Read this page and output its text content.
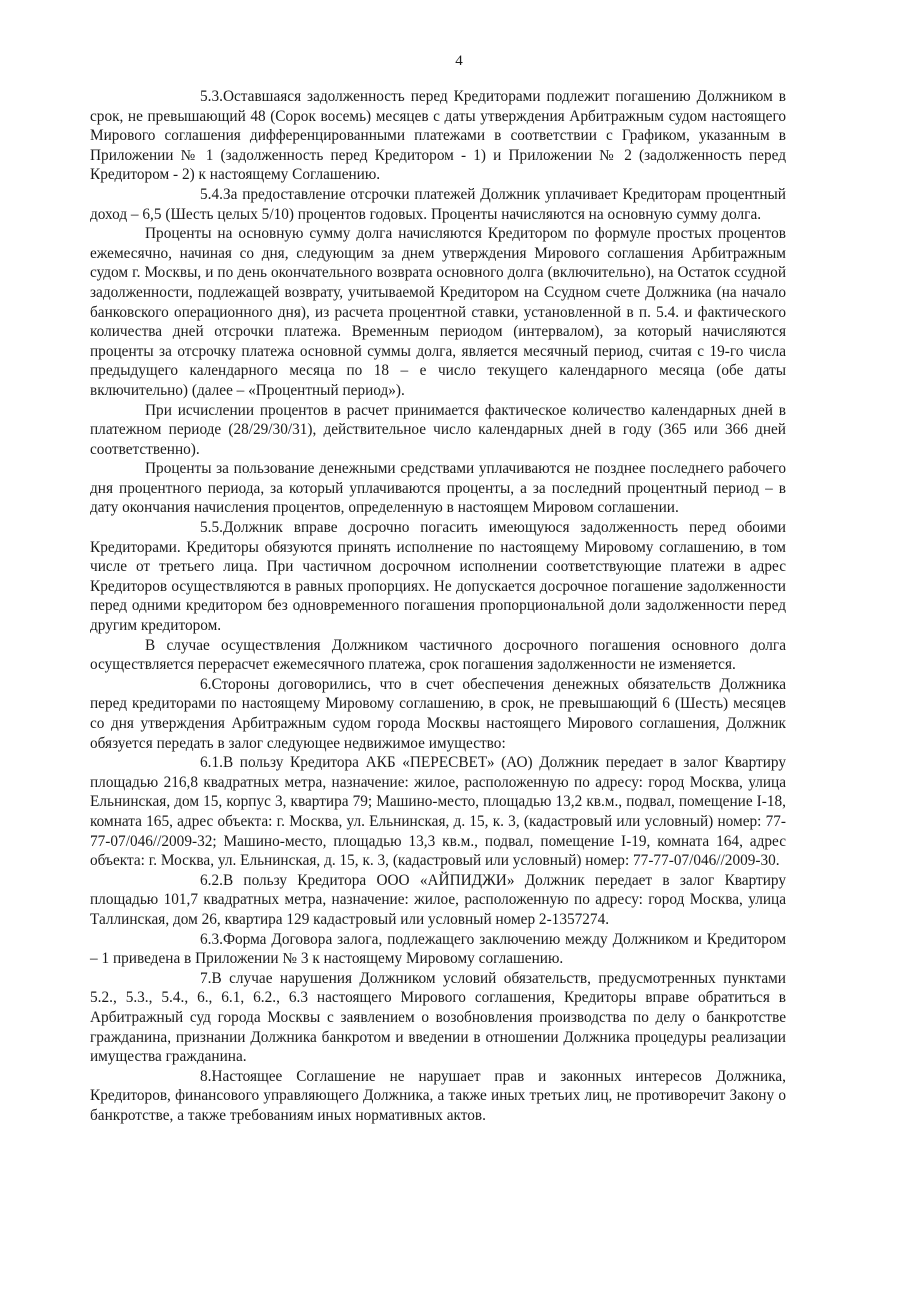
4

5.3.Оставшаяся задолженность перед Кредиторами подлежит погашению Должником в срок, не превышающий 48 (Сорок восемь) месяцев с даты утверждения Арбитражным судом настоящего Мирового соглашения дифференцированными платежами в соответствии с Графиком, указанным в Приложении № 1 (задолженность перед Кредитором - 1) и Приложении № 2 (задолженность перед Кредитором - 2) к настоящему Соглашению.

5.4.За предоставление отсрочки платежей Должник уплачивает Кредиторам процентный доход – 6,5 (Шесть целых 5/10) процентов годовых. Проценты начисляются на основную сумму долга.

Проценты на основную сумму долга начисляются Кредитором по формуле простых процентов ежемесячно, начиная со дня, следующим за днем утверждения Мирового соглашения Арбитражным судом г. Москвы, и по день окончательного возврата основного долга (включительно), на Остаток ссудной задолженности, подлежащей возврату, учитываемой Кредитором на Ссудном счете Должника (на начало банковского операционного дня), из расчета процентной ставки, установленной в п. 5.4. и фактического количества дней отсрочки платежа. Временным периодом (интервалом), за который начисляются проценты за отсрочку платежа основной суммы долга, является месячный период, считая с 19-го числа предыдущего календарного месяца по 18 – е число текущего календарного месяца (обе даты включительно) (далее – «Процентный период»).

При исчислении процентов в расчет принимается фактическое количество календарных дней в платежном периоде (28/29/30/31), действительное число календарных дней в году (365 или 366 дней соответственно).

Проценты за пользование денежными средствами уплачиваются не позднее последнего рабочего дня процентного периода, за который уплачиваются проценты, а за последний процентный период – в дату окончания начисления процентов, определенную в настоящем Мировом соглашении.

5.5.Должник вправе досрочно погасить имеющуюся задолженность перед обоими Кредиторами. Кредиторы обязуются принять исполнение по настоящему Мировому соглашению, в том числе от третьего лица. При частичном досрочном исполнении соответствующие платежи в адрес Кредиторов осуществляются в равных пропорциях. Не допускается досрочное погашение задолженности перед одними кредитором без одновременного погашения пропорциональной доли задолженности перед другим кредитором.

В случае осуществления Должником частичного досрочного погашения основного долга осуществляется перерасчет ежемесячного платежа, срок погашения задолженности не изменяется.

6.Стороны договорились, что в счет обеспечения денежных обязательств Должника перед кредиторами по настоящему Мировому соглашению, в срок, не превышающий 6 (Шесть) месяцев со дня утверждения Арбитражным судом города Москвы настоящего Мирового соглашения, Должник обязуется передать в залог следующее недвижимое имущество:

6.1.В пользу Кредитора АКБ «ПЕРЕСВЕТ» (АО) Должник передает в залог Квартиру площадью 216,8 квадратных метра, назначение: жилое, расположенную по адресу: город Москва, улица Ельнинская, дом 15, корпус 3, квартира 79; Машино-место, площадью 13,2 кв.м., подвал, помещение I-18, комната 165, адрес объекта: г. Москва, ул. Ельнинская, д. 15, к. 3, (кадастровый или условный) номер: 77-77-07/046//2009-32; Машино-место, площадью 13,3 кв.м., подвал, помещение I-19, комната 164, адрес объекта: г. Москва, ул. Ельнинская, д. 15, к. 3, (кадастровый или условный) номер: 77-77-07/046//2009-30.

6.2.В пользу Кредитора ООО «АЙПИДЖИ» Должник передает в залог Квартиру площадью 101,7 квадратных метра, назначение: жилое, расположенную по адресу: город Москва, улица Таллинская, дом 26, квартира 129 кадастровый или условный номер 2-1357274.

6.3.Форма Договора залога, подлежащего заключению между Должником и Кредитором – 1 приведена в Приложении № 3 к настоящему Мировому соглашению.

7.В случае нарушения Должником условий обязательств, предусмотренных пунктами 5.2., 5.3., 5.4., 6., 6.1, 6.2., 6.3 настоящего Мирового соглашения, Кредиторы вправе обратиться в Арбитражный суд города Москвы с заявлением о возобновления производства по делу о банкротстве гражданина, признании Должника банкротом и введении в отношении Должника процедуры реализации имущества гражданина.

8.Настоящее Соглашение не нарушает прав и законных интересов Должника, Кредиторов, финансового управляющего Должника, а также иных третьих лиц, не противоречит Закону о банкротстве, а также требованиям иных нормативных актов.
